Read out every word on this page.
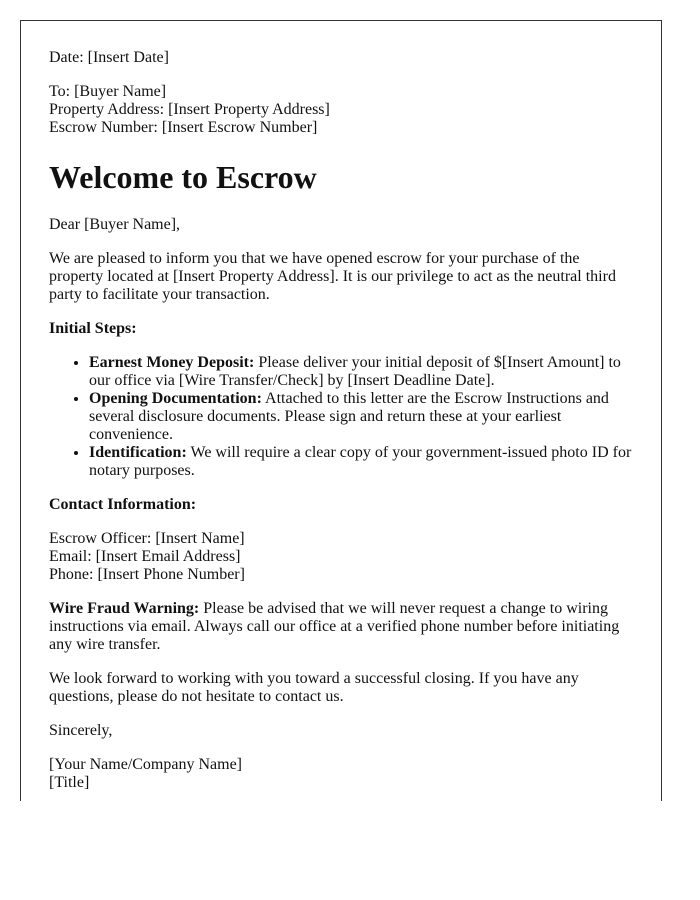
Date: [Insert Date]

To: [Buyer Name]
Property Address: [Insert Property Address]
Escrow Number: [Insert Escrow Number]

Welcome to Escrow

Dear [Buyer Name],

We are pleased to inform you that we have opened escrow for your purchase of the property located at [Insert Property Address]. It is our privilege to act as the neutral third party to facilitate your transaction.

Initial Steps:

• Earnest Money Deposit: Please deliver your initial deposit of $[Insert Amount] to our office via [Wire Transfer/Check] by [Insert Deadline Date].
• Opening Documentation: Attached to this letter are the Escrow Instructions and several disclosure documents. Please sign and return these at your earliest convenience.
• Identification: We will require a clear copy of your government-issued photo ID for notary purposes.

Contact Information:

Escrow Officer: [Insert Name]
Email: [Insert Email Address]
Phone: [Insert Phone Number]

Wire Fraud Warning: Please be advised that we will never request a change to wiring instructions via email. Always call our office at a verified phone number before initiating any wire transfer.

We look forward to working with you toward a successful closing. If you have any questions, please do not hesitate to contact us.

Sincerely,

[Your Name/Company Name]
[Title]
